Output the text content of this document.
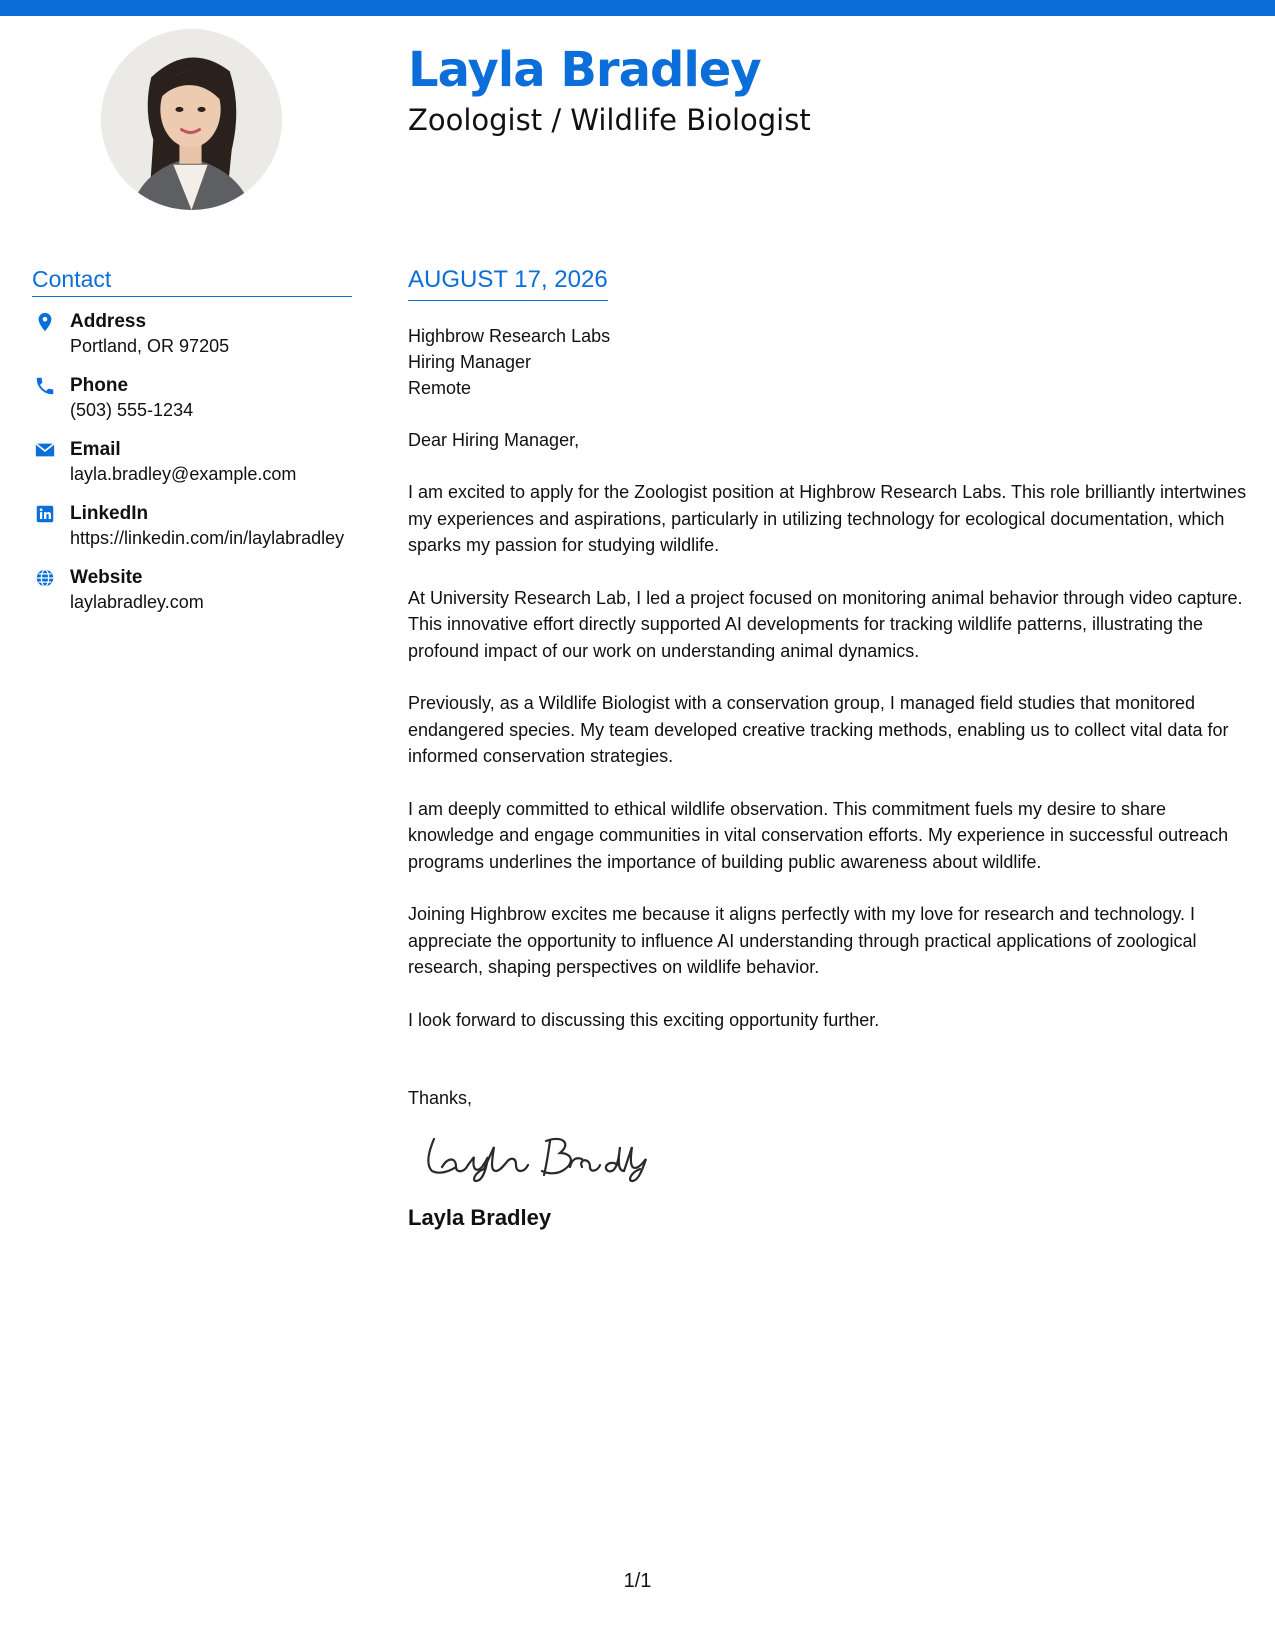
Layla Bradley
Zoologist / Wildlife Biologist
Contact
Address
Portland, OR 97205
Phone
(503) 555-1234
Email
layla.bradley@example.com
LinkedIn
https://linkedin.com/in/laylabradley
Website
laylabradley.com
AUGUST 17, 2026
Highbrow Research Labs
Hiring Manager
Remote
Dear Hiring Manager,

I am excited to apply for the Zoologist position at Highbrow Research Labs. This role brilliantly intertwines my experiences and aspirations, particularly in utilizing technology for ecological documentation, which sparks my passion for studying wildlife.

At University Research Lab, I led a project focused on monitoring animal behavior through video capture. This innovative effort directly supported AI developments for tracking wildlife patterns, illustrating the profound impact of our work on understanding animal dynamics.

Previously, as a Wildlife Biologist with a conservation group, I managed field studies that monitored endangered species. My team developed creative tracking methods, enabling us to collect vital data for informed conservation strategies.

I am deeply committed to ethical wildlife observation. This commitment fuels my desire to share knowledge and engage communities in vital conservation efforts. My experience in successful outreach programs underlines the importance of building public awareness about wildlife.

Joining Highbrow excites me because it aligns perfectly with my love for research and technology. I appreciate the opportunity to influence AI understanding through practical applications of zoological research, shaping perspectives on wildlife behavior.

I look forward to discussing this exciting opportunity further.

Thanks,
Layla Bradley
1/1
